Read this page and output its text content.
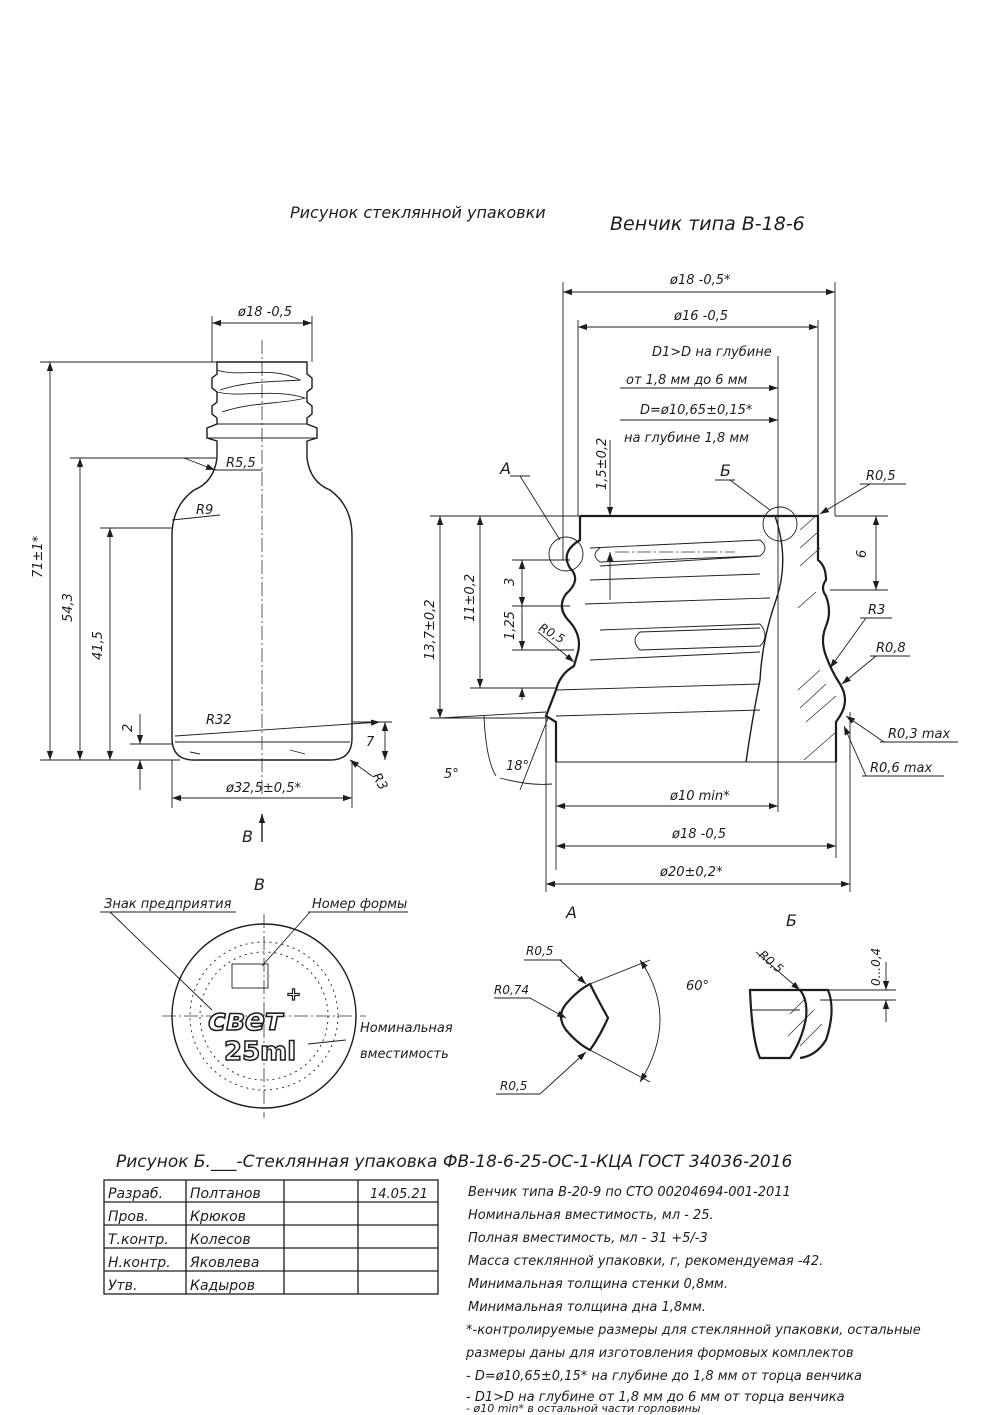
Рисунок стеклянной упаковки
Венчик типа В-18-6
ø18 -0,5
71±1*
54,3
41,5
2
7
R5,5
R9
R32
R3
ø32,5±0,5*
В
ø18 -0,5*
ø16 -0,5
D1>D на глубине
от 1,8 мм до 6 мм
D=ø10,65±0,15*
на глубине 1,8 мм
А	Б	R0,5
1,5±0,2
13,7±0,2
11±0,2 3
1,25 R0,5
6
R3
R0,8
R0,3 max
R0,6 max
5°
18°
ø10 min*
ø18 -0,5
ø20±0,2*
В
свет
+
25ml
Знак предприятия	Номер формы
Номинальная
вместимость
А
60°
R0,5
R0,74
R0,5
Б
R0,5	0...0,4
Рисунок Б.___-Стеклянная упаковка ФВ-18-6-25-ОС-1-КЦА ГОСТ 34036-2016
Разраб. Полтанов	14.05.21
Пров.	Крюков
Т.контр. Колесов
Н.контр. Яковлева
Утв.	Кадыров
Венчик типа В-20-9 по СТО 00204694-001-2011
Номинальная вместимость, мл - 25.
Полная вместимость, мл - 31 +5/-3
Масса стеклянной упаковки, г, рекомендуемая -42.
Минимальная толщина стенки 0,8мм.
Минимальная толщина дна 1,8мм.
*-контролируемые размеры для стеклянной упаковки, остальные
размеры даны для изготовления формовых комплектов
- D=ø10,65±0,15* на глубине до 1,8 мм от торца венчика
- D1>D на глубине от 1,8 мм до 6 мм от торца венчика
- ø10 min* в остальной части горловины
